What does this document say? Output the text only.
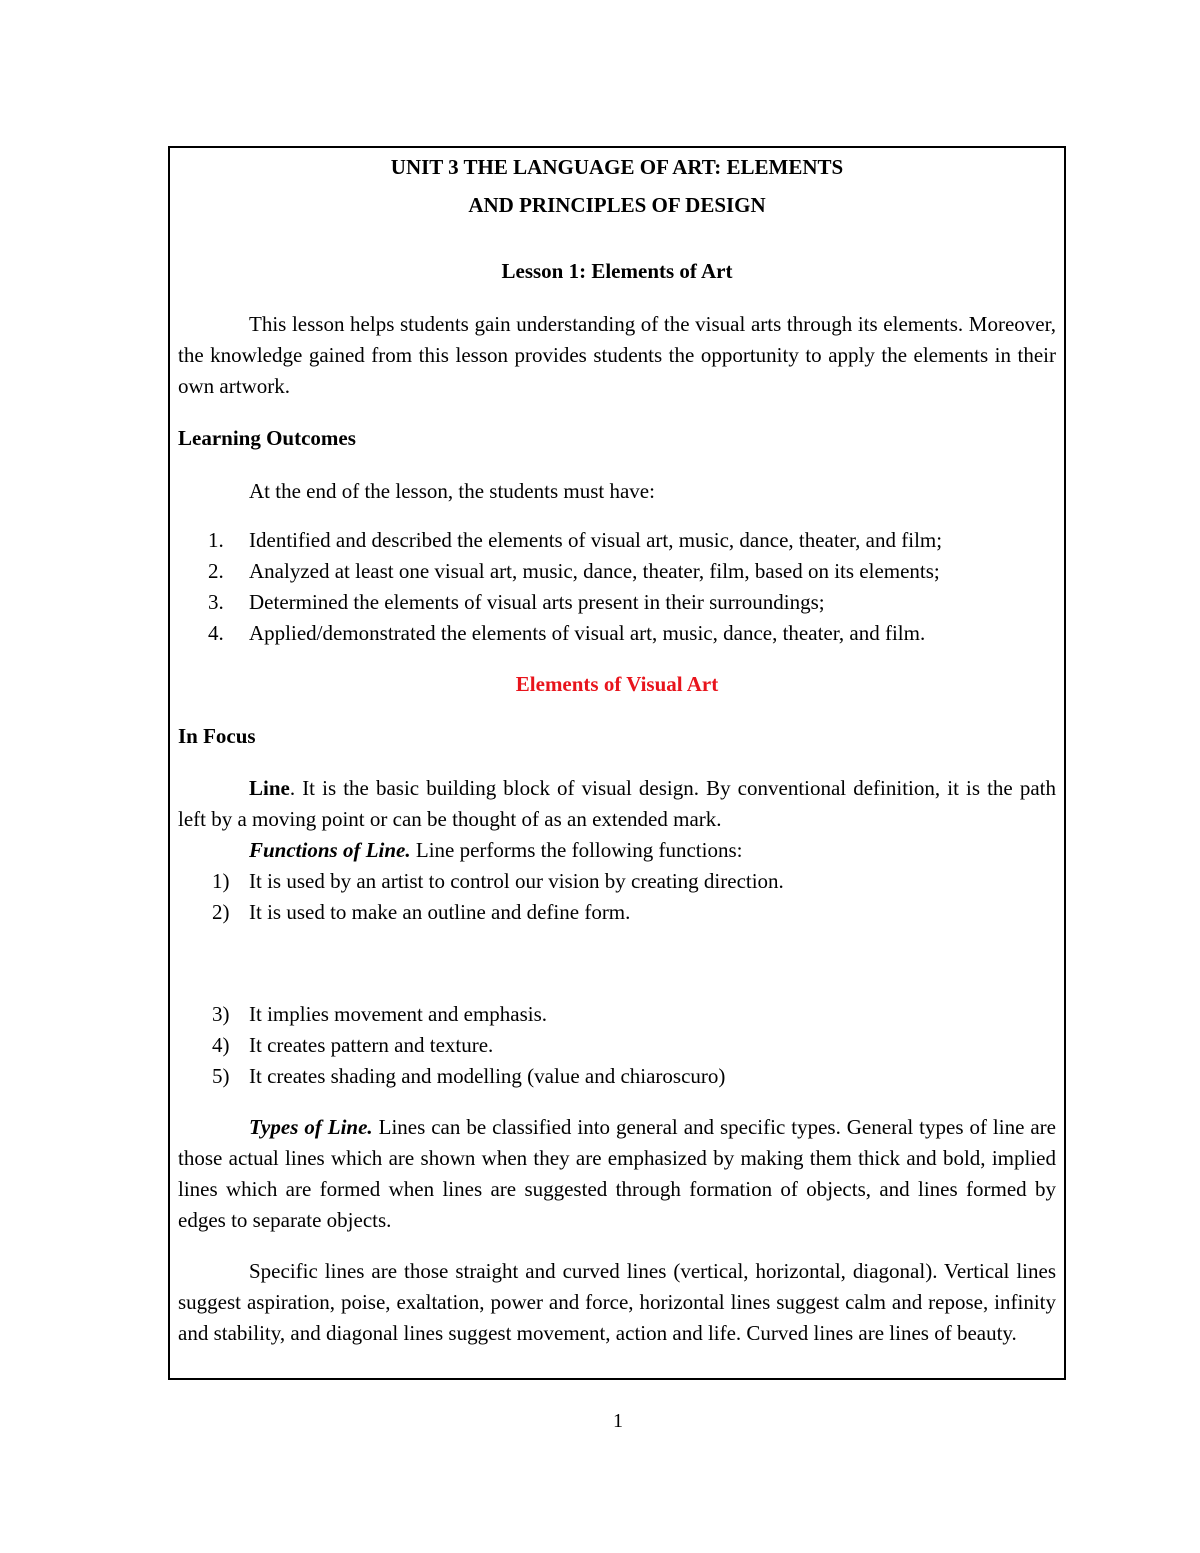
UNIT 3 THE LANGUAGE OF ART: ELEMENTS
AND PRINCIPLES OF DESIGN
Lesson 1: Elements of Art
This lesson helps students gain understanding of the visual arts through its elements. Moreover, the knowledge gained from this lesson provides students the opportunity to apply the elements in their own artwork.
Learning Outcomes
At the end of the lesson, the students must have:
1.	Identified and described the elements of visual art, music, dance, theater, and film;
2.	Analyzed at least one visual art, music, dance, theater, film, based on its elements;
3.	Determined the elements of visual arts present in their surroundings;
4.	Applied/demonstrated the elements of visual art, music, dance, theater, and film.
Elements of Visual Art
In Focus
Line. It is the basic building block of visual design. By conventional definition, it is the path left by a moving point or can be thought of as an extended mark.
Functions of Line. Line performs the following functions:
1) It is used by an artist to control our vision by creating direction.
2) It is used to make an outline and define form.
3) It implies movement and emphasis.
4) It creates pattern and texture.
5) It creates shading and modelling (value and chiaroscuro)
Types of Line. Lines can be classified into general and specific types. General types of line are those actual lines which are shown when they are emphasized by making them thick and bold, implied lines which are formed when lines are suggested through formation of objects, and lines formed by edges to separate objects.
Specific lines are those straight and curved lines (vertical, horizontal, diagonal). Vertical lines suggest aspiration, poise, exaltation, power and force, horizontal lines suggest calm and repose, infinity and stability, and diagonal lines suggest movement, action and life. Curved lines are lines of beauty.
1
